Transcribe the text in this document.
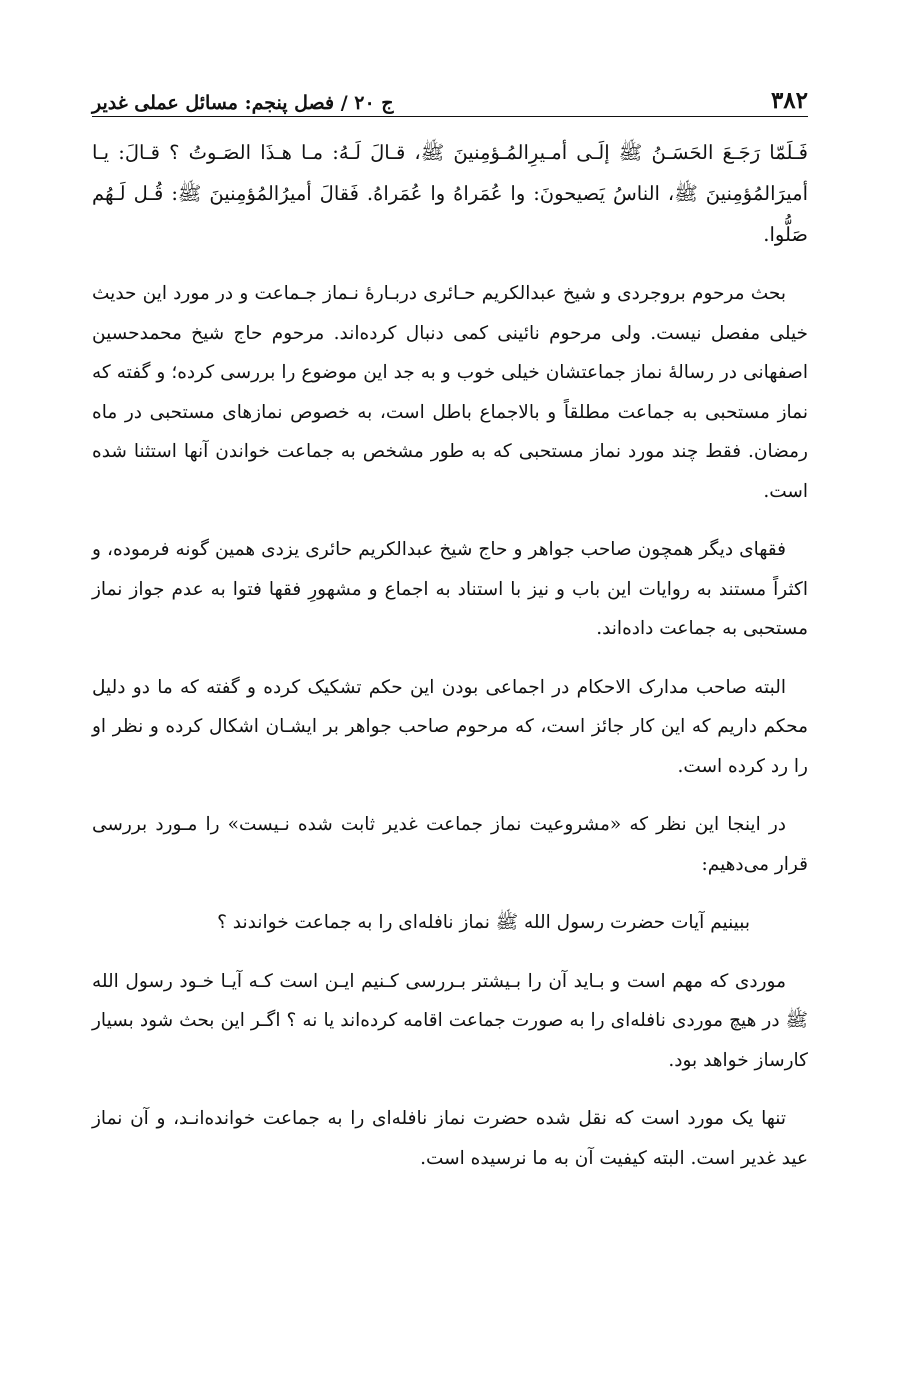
۳۸۲
ج ۲۰ / فصل پنجم: مسائل عملی غدیر

فَـلَمّا رَجَـعَ الحَسَـنُ ﷺ إلَـى أمـيرِالمُـؤمِنينَ ﷺ، قـالَ لَـهُ: مـا هـذَا الصَـوتُ ؟ قـالَ: يـا أميرَالمُؤمِنينَ ﷺ، الناسُ يَصيحونَ: وا عُمَراهُ وا عُمَراهُ. فَقالَ أميرُالمُؤمِنينَ ﷺ: قُـل لَـهُم صَلُّوا.

بحث مرحوم بروجردی و شیخ عبدالکریم حـائری دربـارهٔ نـماز جـماعت و در مورد این حدیث خیلی مفصل نیست. ولی مرحوم نائینی کمی دنبال کرده‌اند. مرحوم حاج شیخ محمدحسین اصفهانی در رسالهٔ نماز جماعتشان خیلی خوب و به جد این موضوع را بررسی کرده؛ و گفته که نماز مستحبی به جماعت مطلقاً و بالاجماع باطل است، به خصوص نمازهای مستحبی در ماه رمضان. فقط چند مورد نماز مستحبی که به طور مشخص به جماعت خواندن آنها استثنا شده است.

فقهای دیگر همچون صاحب جواهر و حاج شیخ عبدالکریم حائری یزدی همین گونه فرموده، و اکثراً مستند به روایات این باب و نیز با استناد به اجماع و مشهورِ فقها فتوا به عدم جواز نماز مستحبی به جماعت داده‌اند.

البته صاحب مدارک الاحکام در اجماعی بودن این حکم تشکیک کرده و گفته که ما دو دلیل محکم داریم که این کار جائز است، که مرحوم صاحب جواهر بر ایشـان اشکال کرده و نظر او را رد کرده است.

در اینجا این نظر که «مشروعیت نماز جماعت غدیر ثابت شده نـیست» را مـورد بررسی قرار می‌دهیم:

ببینیم آیات حضرت رسول الله ﷺ نماز نافله‌ای را به جماعت خواندند ؟

موردی که مهم است و بـاید آن را بـیشتر بـررسی کـنیم ایـن است کـه آیـا خـود رسول الله ﷺ در هیچ موردی نافله‌ای را به صورت جماعت اقامه کرده‌اند یا نه ؟ اگـر این بحث شود بسیار کارساز خواهد بود.

تنها یک مورد است که نقل شده حضرت نماز نافله‌ای را به جماعت خوانده‌انـد، و آن نماز عید غدیر است. البته کیفیت آن به ما نرسیده است.
